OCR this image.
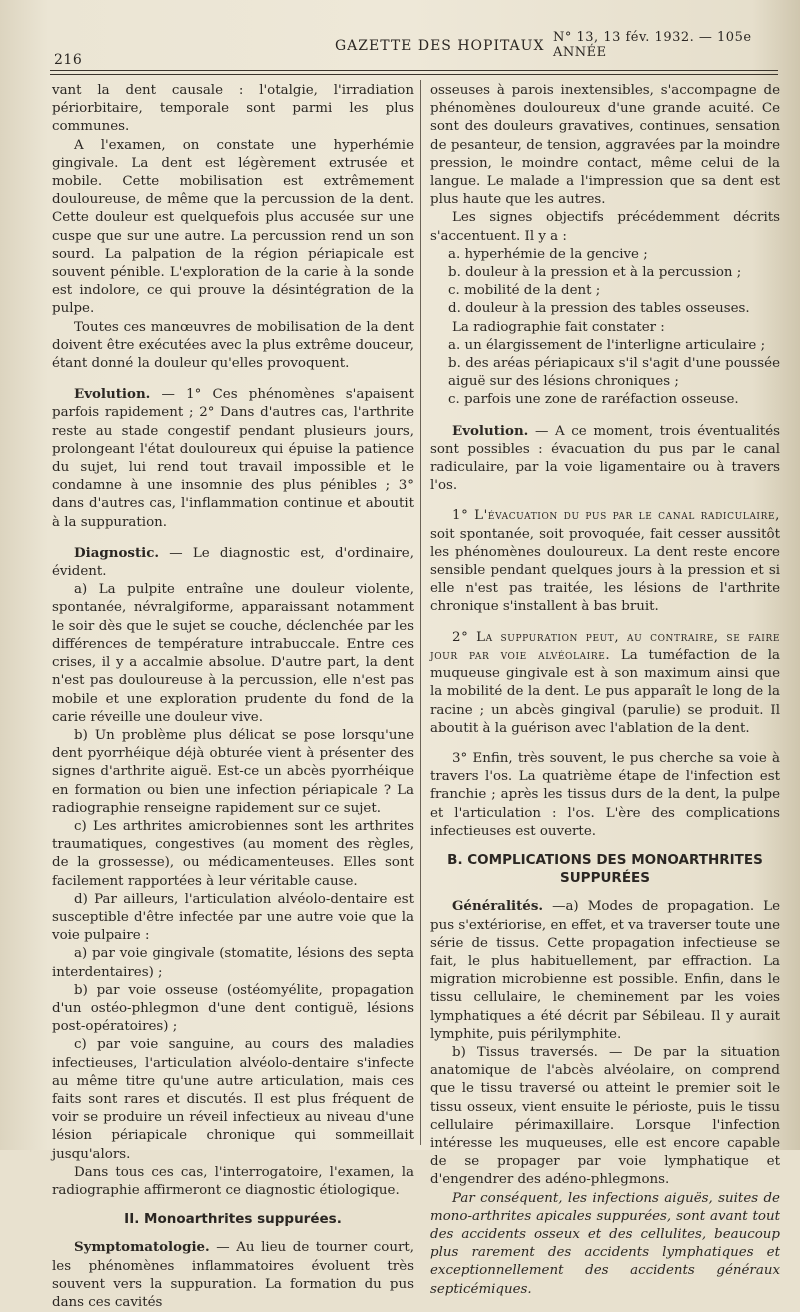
216
GAZETTE DES HOPITAUX
N° 13, 13 fév. 1932. — 105e ANNÉE

vant la dent causale : l'otalgie, l'irradiation périorbitaire, temporale sont parmi les plus communes.

A l'examen, on constate une hyperhémie gingivale. La dent est légèrement extrusée et mobile. Cette mobilisation est extrêmement douloureuse, de même que la percussion de la dent. Cette douleur est quelquefois plus accusée sur une cuspe que sur une autre. La percussion rend un son sourd. La palpation de la région périapicale est souvent pénible. L'exploration de la carie à la sonde est indolore, ce qui prouve la désintégration de la pulpe.

Toutes ces manœuvres de mobilisation de la dent doivent être exécutées avec la plus extrême douceur, étant donné la douleur qu'elles provoquent.

Evolution. — 1° Ces phénomènes s'apaisent parfois rapidement ; 2° Dans d'autres cas, l'arthrite reste au stade congestif pendant plusieurs jours, prolongeant l'état douloureux qui épuise la patience du sujet, lui rend tout travail impossible et le condamne à une insomnie des plus pénibles ; 3° dans d'autres cas, l'inflammation continue et aboutit à la suppuration.

Diagnostic. — Le diagnostic est, d'ordinaire, évident.

a) La pulpite entraîne une douleur violente, spontanée, névralgiforme, apparaissant notamment le soir dès que le sujet se couche, déclenchée par les différences de température intrabuccale. Entre ces crises, il y a accalmie absolue. D'autre part, la dent n'est pas douloureuse à la percussion, elle n'est pas mobile et une exploration prudente du fond de la carie réveille une douleur vive.

b) Un problème plus délicat se pose lorsqu'une dent pyorrhéique déjà obturée vient à présenter des signes d'arthrite aiguë. Est-ce un abcès pyorrhéique en formation ou bien une infection périapicale ? La radiographie renseigne rapidement sur ce sujet.

c) Les arthrites amicrobiennes sont les arthrites traumatiques, congestives (au moment des règles, de la grossesse), ou médicamenteuses. Elles sont facilement rapportées à leur véritable cause.

d) Par ailleurs, l'articulation alvéolo-dentaire est susceptible d'être infectée par une autre voie que la voie pulpaire :

a) par voie gingivale (stomatite, lésions des septa interdentaires) ;

b) par voie osseuse (ostéomyélite, propagation d'un ostéo-phlegmon d'une dent contiguë, lésions post-opératoires) ;

c) par voie sanguine, au cours des maladies infectieuses, l'articulation alvéolo-dentaire s'infecte au même titre qu'une autre articulation, mais ces faits sont rares et discutés. Il est plus fréquent de voir se produire un réveil infectieux au niveau d'une lésion périapicale chronique qui sommeillait jusqu'alors.

Dans tous ces cas, l'interrogatoire, l'examen, la radiographie affirmeront ce diagnostic étiologique.

II. Monoarthrites suppurées.

Symptomatologie. — Au lieu de tourner court, les phénomènes inflammatoires évoluent très souvent vers la suppuration. La formation du pus dans ces cavités

osseuses à parois inextensibles, s'accompagne de phénomènes douloureux d'une grande acuité. Ce sont des douleurs gravatives, continues, sensation de pesanteur, de tension, aggravées par la moindre pression, le moindre contact, même celui de la langue. Le malade a l'impression que sa dent est plus haute que les autres.

Les signes objectifs précédemment décrits s'accentuent. Il y a :

a. hyperhémie de la gencive ;

b. douleur à la pression et à la percussion ;

c. mobilité de la dent ;

d. douleur à la pression des tables osseuses.

La radiographie fait constater :

a. un élargissement de l'interligne articulaire ;

b. des aréas périapicaux s'il s'agit d'une poussée aiguë sur des lésions chroniques ;

c. parfois une zone de raréfaction osseuse.

Evolution. — A ce moment, trois éventualités sont possibles : évacuation du pus par le canal radiculaire, par la voie ligamentaire ou à travers l'os.

1° L'évacuation du pus par le canal radiculaire, soit spontanée, soit provoquée, fait cesser aussitôt les phénomènes douloureux. La dent reste encore sensible pendant quelques jours à la pression et si elle n'est pas traitée, les lésions de l'arthrite chronique s'installent à bas bruit.

2° La suppuration peut, au contraire, se faire jour par voie alvéolaire. La tuméfaction de la muqueuse gingivale est à son maximum ainsi que la mobilité de la dent. Le pus apparaît le long de la racine ; un abcès gingival (parulie) se produit. Il aboutit à la guérison avec l'ablation de la dent.

3° Enfin, très souvent, le pus cherche sa voie à travers l'os. La quatrième étape de l'infection est franchie ; après les tissus durs de la dent, la pulpe et l'articulation : l'os. L'ère des complications infectieuses est ouverte.

B. COMPLICATIONS DES MONOARTHRITES SUPPURÉES

Généralités. —a) Modes de propagation. Le pus s'extériorise, en effet, et va traverser toute une série de tissus. Cette propagation infectieuse se fait, le plus habituellement, par effraction. La migration microbienne est possible. Enfin, dans le tissu cellulaire, le cheminement par les voies lymphatiques a été décrit par Sébileau. Il y aurait lymphite, puis périlymphite.

b) Tissus traversés. — De par la situation anatomique de l'abcès alvéolaire, on comprend que le tissu traversé ou atteint le premier soit le tissu osseux, vient ensuite le périoste, puis le tissu cellulaire périmaxillaire. Lorsque l'infection intéresse les muqueuses, elle est encore capable de se propager par voie lymphatique et d'engendrer des adéno-phlegmons.

Par conséquent, les infections aiguës, suites de mono-arthrites apicales suppurées, sont avant tout des accidents osseux et des cellulites, beaucoup plus rarement des accidents lymphatiques et exceptionnellement des accidents généraux septicémiques.
